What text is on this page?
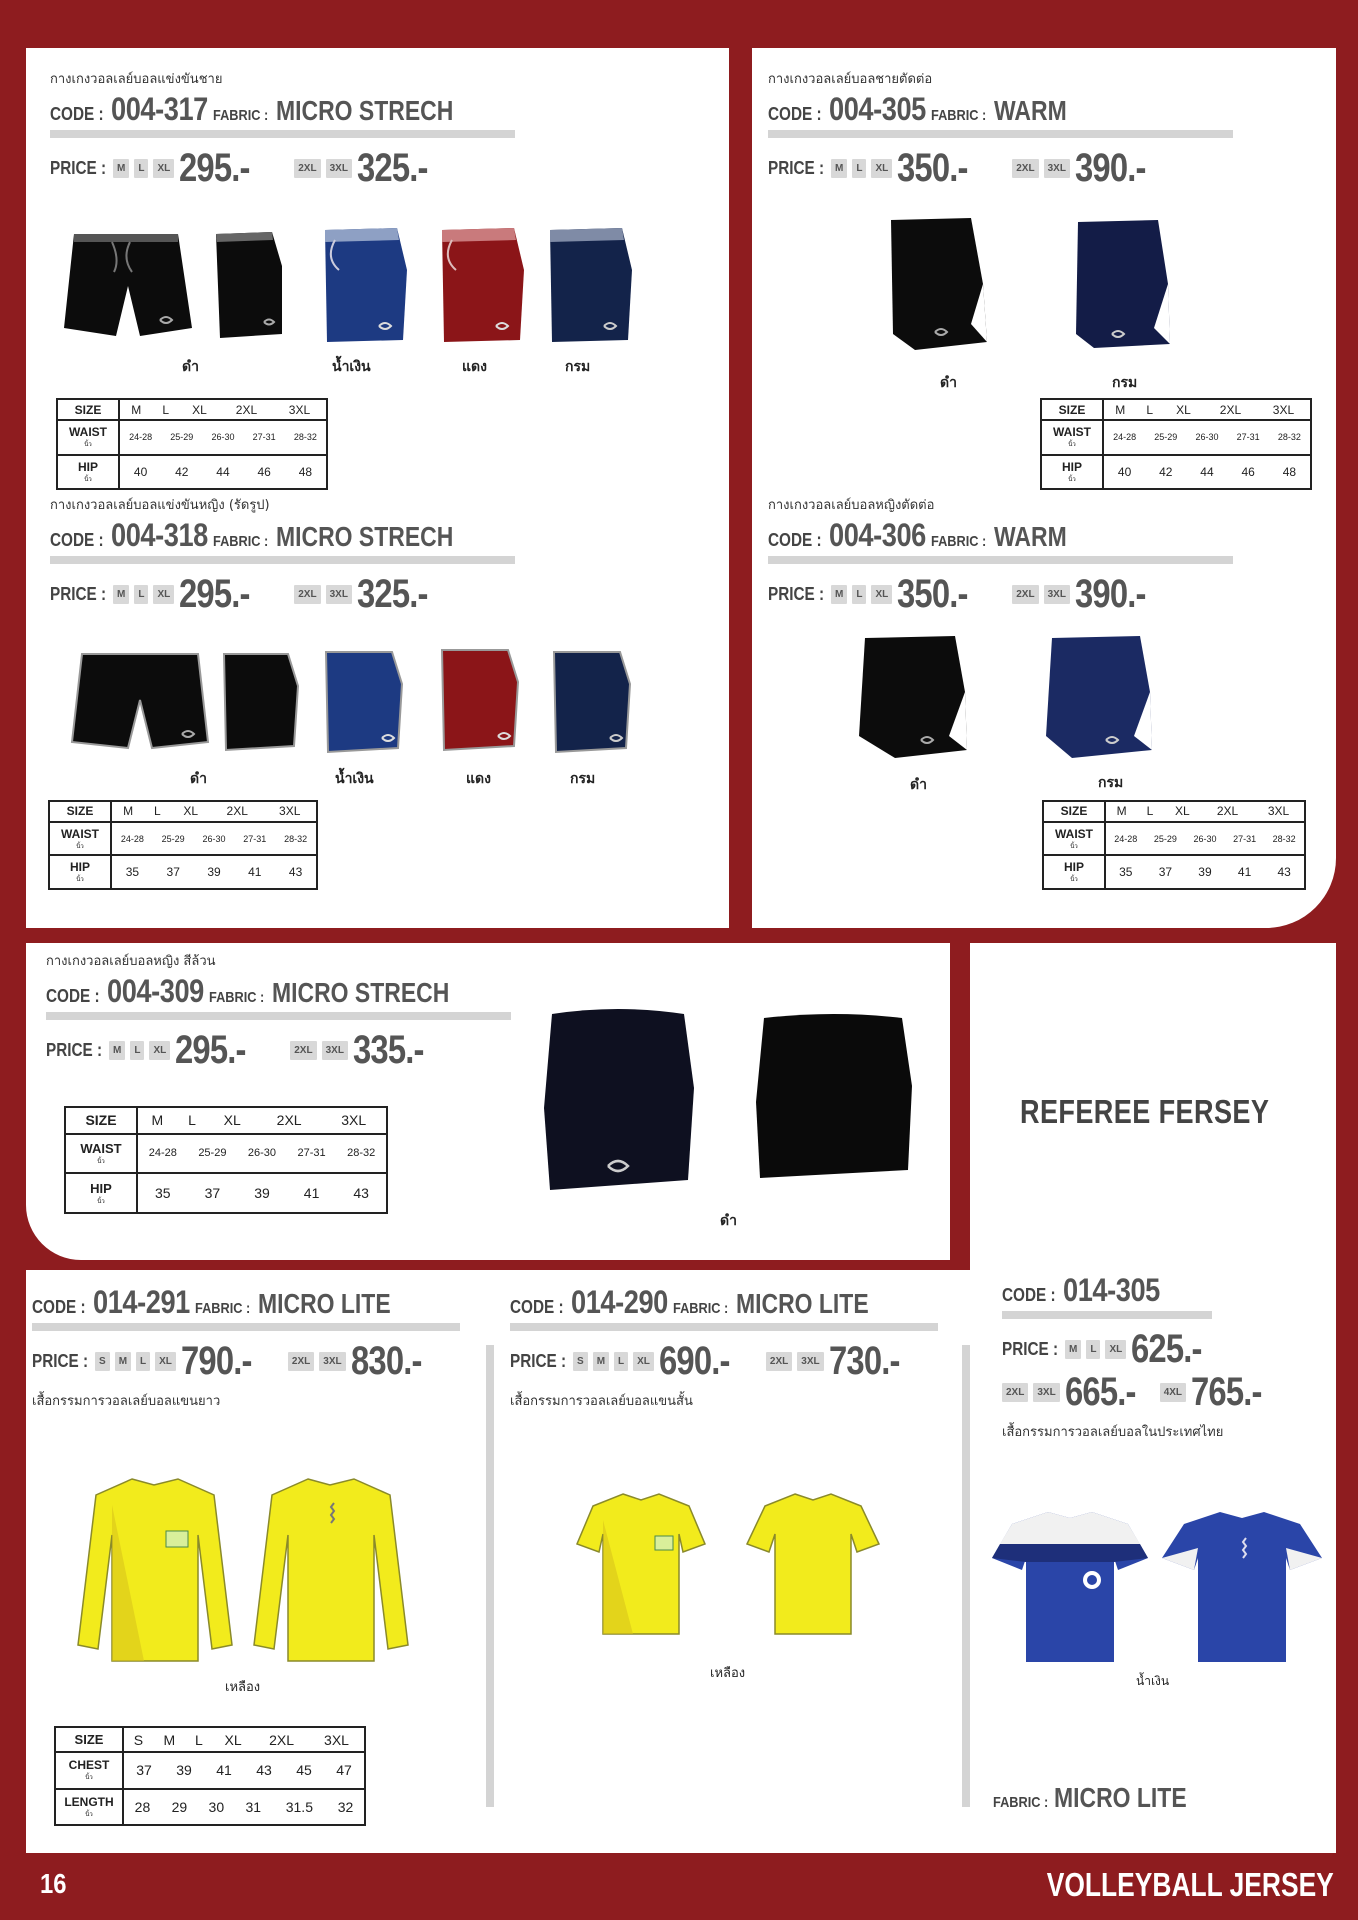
กางเกงวอลเลย์บอลแข่งขันชาย
CODE : 004-317 FABRIC : MICRO STRECH
PRICE :	M	L	XL 295.-	2XL	3XL 325.-
ดำ	น้ำเงิน	แดง	กรม
SIZE	M	L	XL	2XL	3XL

WAIST
นิ้ว

24-28	25-29	26-30	27-31	28-32

HIP
นิ้ว

40	42	44	46	48
กางเกงวอลเลย์บอลแข่งขันหญิง (รัดรูป)
CODE : 004-318 FABRIC : MICRO STRECH
PRICE :	M	L	XL 295.-	2XL	3XL 325.-
ดำ	น้ำเงิน	แดง	กรม
SIZE	M	L	XL	2XL	3XL

WAIST
นิ้ว

24-28	25-29	26-30	27-31	28-32

HIP
นิ้ว

35	37	39	41	43
กางเกงวอลเลย์บอลชายตัดต่อ
CODE : 004-305 FABRIC : WARM
PRICE :	M	L	XL 350.-	2XL	3XL 390.-
ดำ	กรม
SIZE	M	L	XL	2XL	3XL

WAIST
นิ้ว

24-28	25-29	26-30	27-31	28-32

HIP
นิ้ว

40	42	44	46	48
กางเกงวอลเลย์บอลหญิงตัดต่อ
CODE : 004-306 FABRIC : WARM
PRICE :	M	L	XL 350.-	2XL	3XL 390.-
ดำ	กรม
SIZE	M	L	XL	2XL	3XL

WAIST
นิ้ว

24-28	25-29	26-30	27-31	28-32

HIP
นิ้ว

35	37	39	41	43
กางเกงวอลเลย์บอลหญิง สีล้วน
CODE : 004-309 FABRIC : MICRO STRECH
PRICE :	M	L	XL 295.-	2XL	3XL 335.-
SIZE	M	L	XL	2XL	3XL

WAIST
นิ้ว

24-28	25-29	26-30	27-31	28-32

HIP
นิ้ว

35	37	39	41	43
ดำ
REFEREE FERSEY
CODE : 014-291 FABRIC : MICRO LITE
PRICE :	S	M	L	XL 790.-	2XL	3XL 830.-
เสื้อกรรมการวอลเลย์บอลแขนยาว
เหลือง
SIZE	S	M	L	XL	2XL	3XL

CHEST
นิ้ว
		37	39	41	43	45	47

LENGTH
นิ้ว
		28	29	30	31	31.5	32
CODE : 014-290 FABRIC : MICRO LITE
PRICE :	S	M	L	XL 690.-	2XL	3XL 730.-
เสื้อกรรมการวอลเลย์บอลแขนสั้น
เหลือง
CODE : 014-305
PRICE :	M	L	XL 625.-
2XL	3XL 665.-	4XL 765.-
เสื้อกรรมการวอลเลย์บอลในประเทศไทย
น้ำเงิน
FABRIC : MICRO LITE
16	VOLLEYBALL JERSEY
